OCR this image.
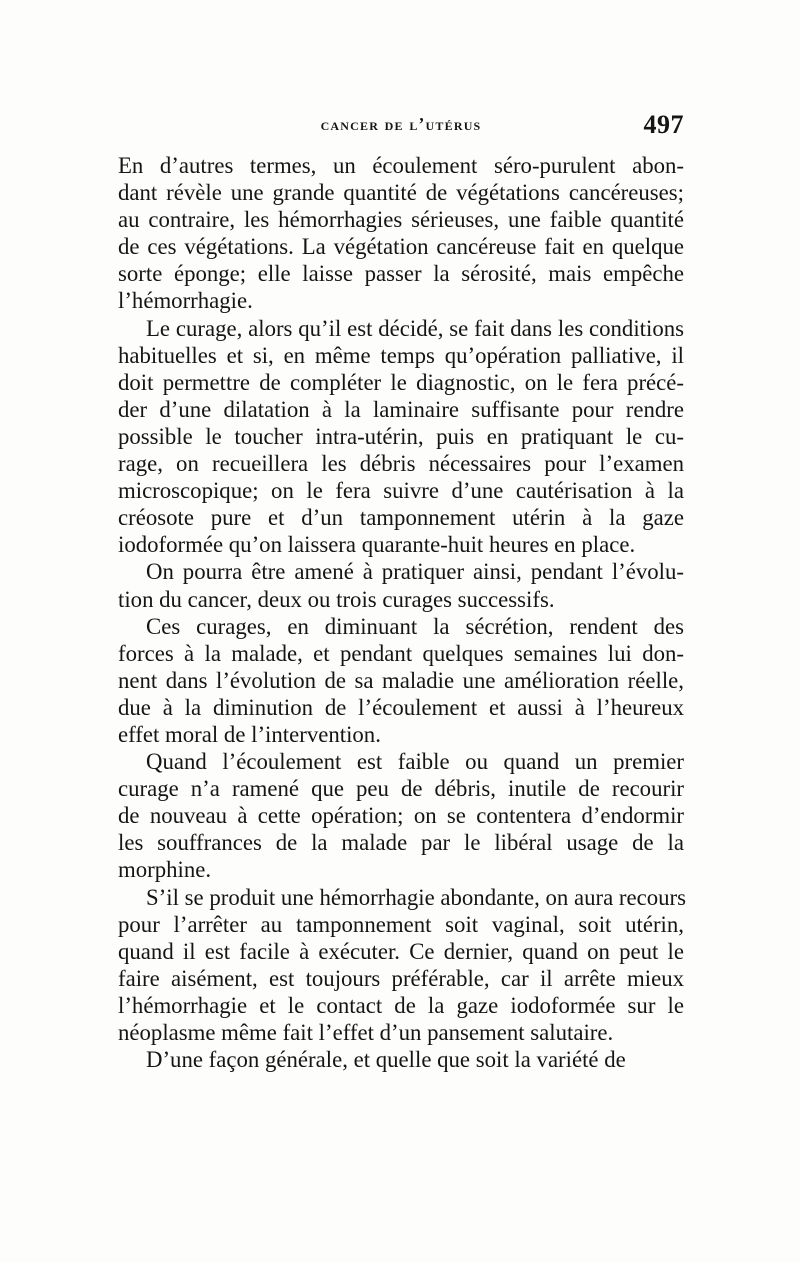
cancer de l’utérus	497
En d’autres termes, un écoulement séro-purulent abon-
dant révèle une grande quantité de végétations cancéreuses;
au contraire, les hémorrhagies sérieuses, une faible quantité
de ces végétations. La végétation cancéreuse fait en quelque
sorte éponge; elle laisse passer la sérosité, mais empêche
l’hémorrhagie.
Le curage, alors qu’il est décidé, se fait dans les conditions
habituelles et si, en même temps qu’opération palliative, il
doit permettre de compléter le diagnostic, on le fera précé-
der d’une dilatation à la laminaire suffisante pour rendre
possible le toucher intra-utérin, puis en pratiquant le cu-
rage, on recueillera les débris nécessaires pour l’examen
microscopique; on le fera suivre d’une cautérisation à la
créosote pure et d’un tamponnement utérin à la gaze
iodoformée qu’on laissera quarante-huit heures en place.
On pourra être amené à pratiquer ainsi, pendant l’évolu-
tion du cancer, deux ou trois curages successifs.
Ces curages, en diminuant la sécrétion, rendent des
forces à la malade, et pendant quelques semaines lui don-
nent dans l’évolution de sa maladie une amélioration réelle,
due à la diminution de l’écoulement et aussi à l’heureux
effet moral de l’intervention.
Quand l’écoulement est faible ou quand un premier
curage n’a ramené que peu de débris, inutile de recourir
de nouveau à cette opération; on se contentera d’endormir
les souffrances de la malade par le libéral usage de la
morphine.
S’il se produit une hémorrhagie abondante, on aura recours
pour l’arrêter au tamponnement soit vaginal, soit utérin,
quand il est facile à exécuter. Ce dernier, quand on peut le
faire aisément, est toujours préférable, car il arrête mieux
l’hémorrhagie et le contact de la gaze iodoformée sur le
néoplasme même fait l’effet d’un pansement salutaire.
D’une façon générale, et quelle que soit la variété de
